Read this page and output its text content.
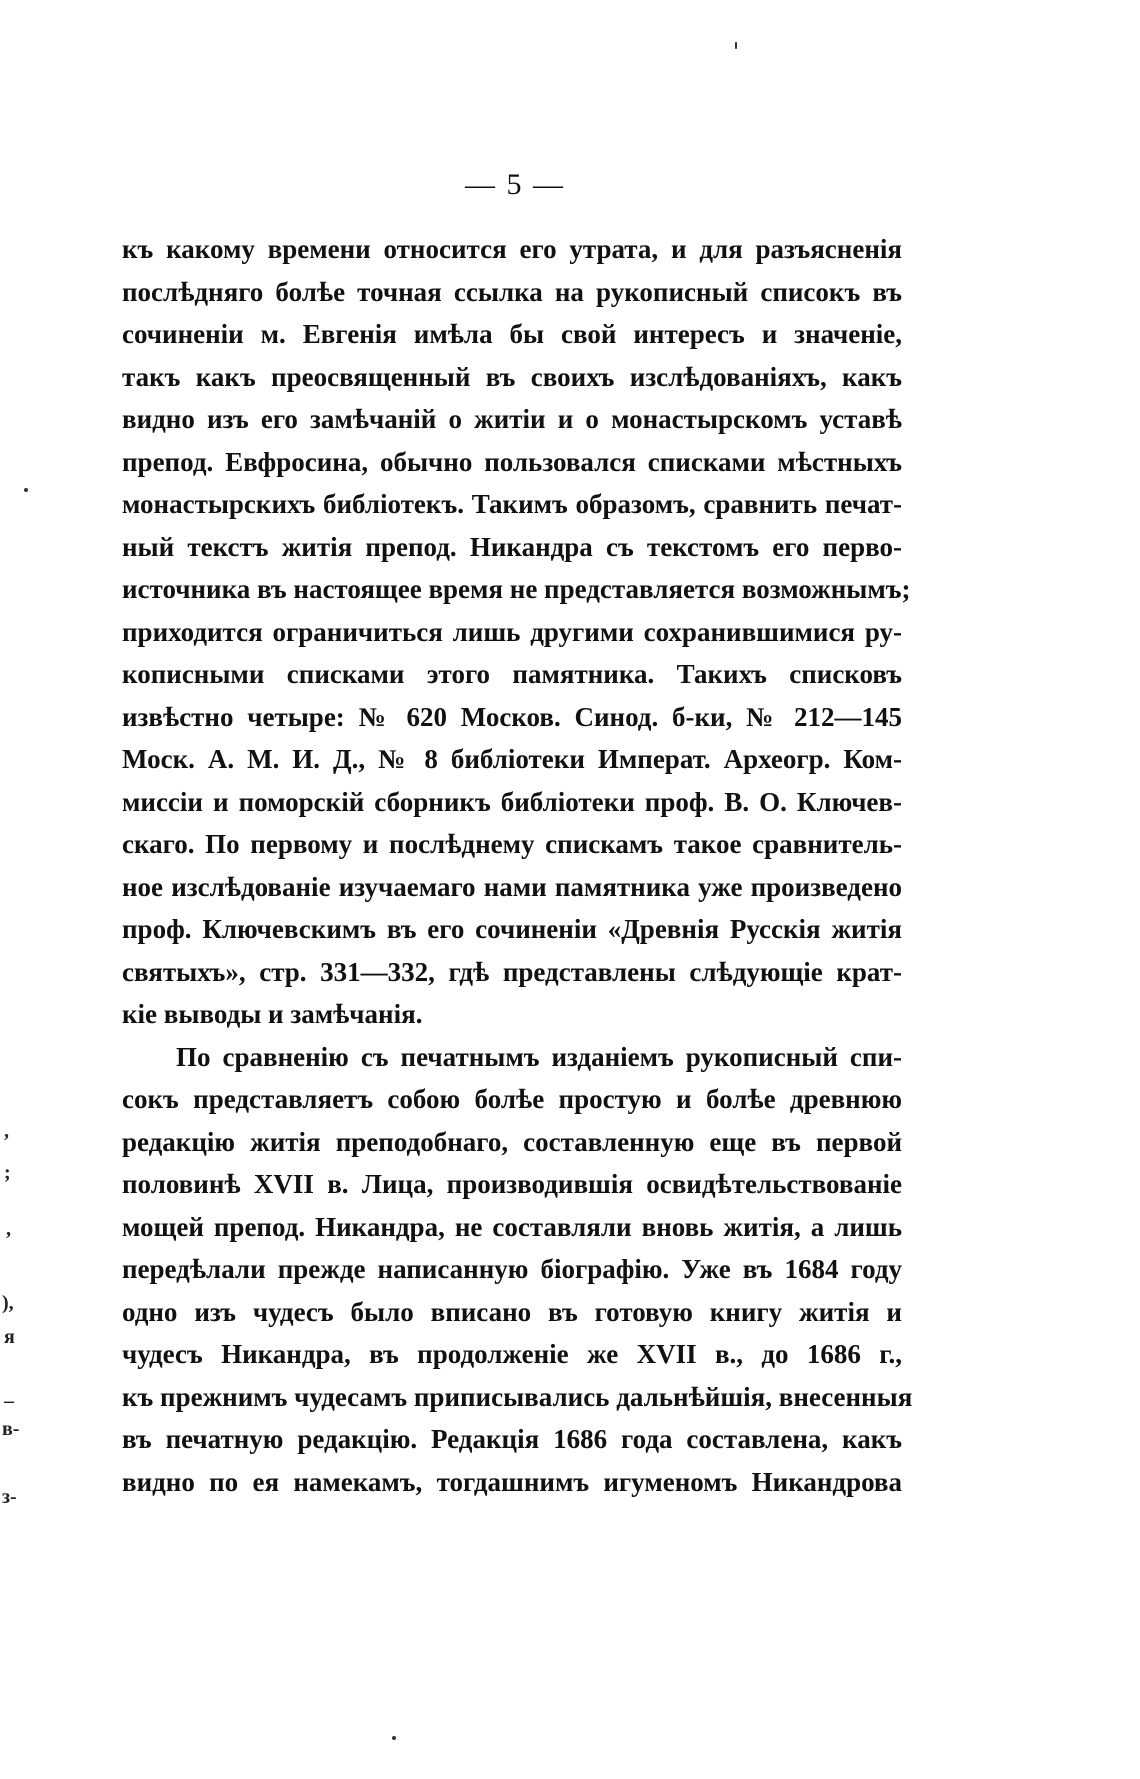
— 5 —
къ какому времени относится его утрата, и для разъясненія
послѣдняго болѣе точная ссылка на рукописный списокъ въ
сочиненіи м. Евгенія имѣла бы свой интересъ и значеніе,
такъ какъ преосвященный въ своихъ изслѣдованіяхъ, какъ
видно изъ его замѣчаній о житіи и о монастырскомъ уставѣ
препод. Евфросина, обычно пользовался списками мѣстныхъ
монастырскихъ библіотекъ. Такимъ образомъ, сравнить печат-
ный текстъ житія препод. Никандра съ текстомъ его перво-
источника въ настоящее время не представляется возможнымъ;
приходится ограничиться лишь другими сохранившимися ру-
кописными списками этого памятника. Такихъ списковъ
извѣстно четыре: № 620 Москов. Синод. б-ки, № 212—145
Моск. А. М. И. Д., № 8 библіотеки Императ. Археогр. Ком-
миссіи и поморскій сборникъ библіотеки проф. В. О. Ключев-
скаго. По первому и послѣднему спискамъ такое сравнитель-
ное изслѣдованіе изучаемаго нами памятника уже произведено
проф. Ключевскимъ въ его сочиненіи «Древнія Русскія житія
святыхъ», стр. 331—332, гдѣ представлены слѣдующіе крат-
кіе выводы и замѣчанія.
По сравненію съ печатнымъ изданіемъ рукописный спи-
сокъ представляетъ собою болѣе простую и болѣе древнюю
редакцію житія преподобнаго, составленную еще въ первой
половинѣ XVII в. Лица, производившія освидѣтельствованіе
мощей препод. Никандра, не составляли вновь житія, а лишь
передѣлали прежде написанную біографію. Уже въ 1684 году
одно изъ чудесъ было вписано въ готовую книгу житія и
чудесъ Никандра, въ продолженіе же XVII в., до 1686 г.,
къ прежнимъ чудесамъ приписывались дальнѣйшія, внесенныя
въ печатную редакцію. Редакція 1686 года составлена, какъ
видно по ея намекамъ, тогдашнимъ игуменомъ Никандрова
,
;
,
),
я
–
в-
з-
